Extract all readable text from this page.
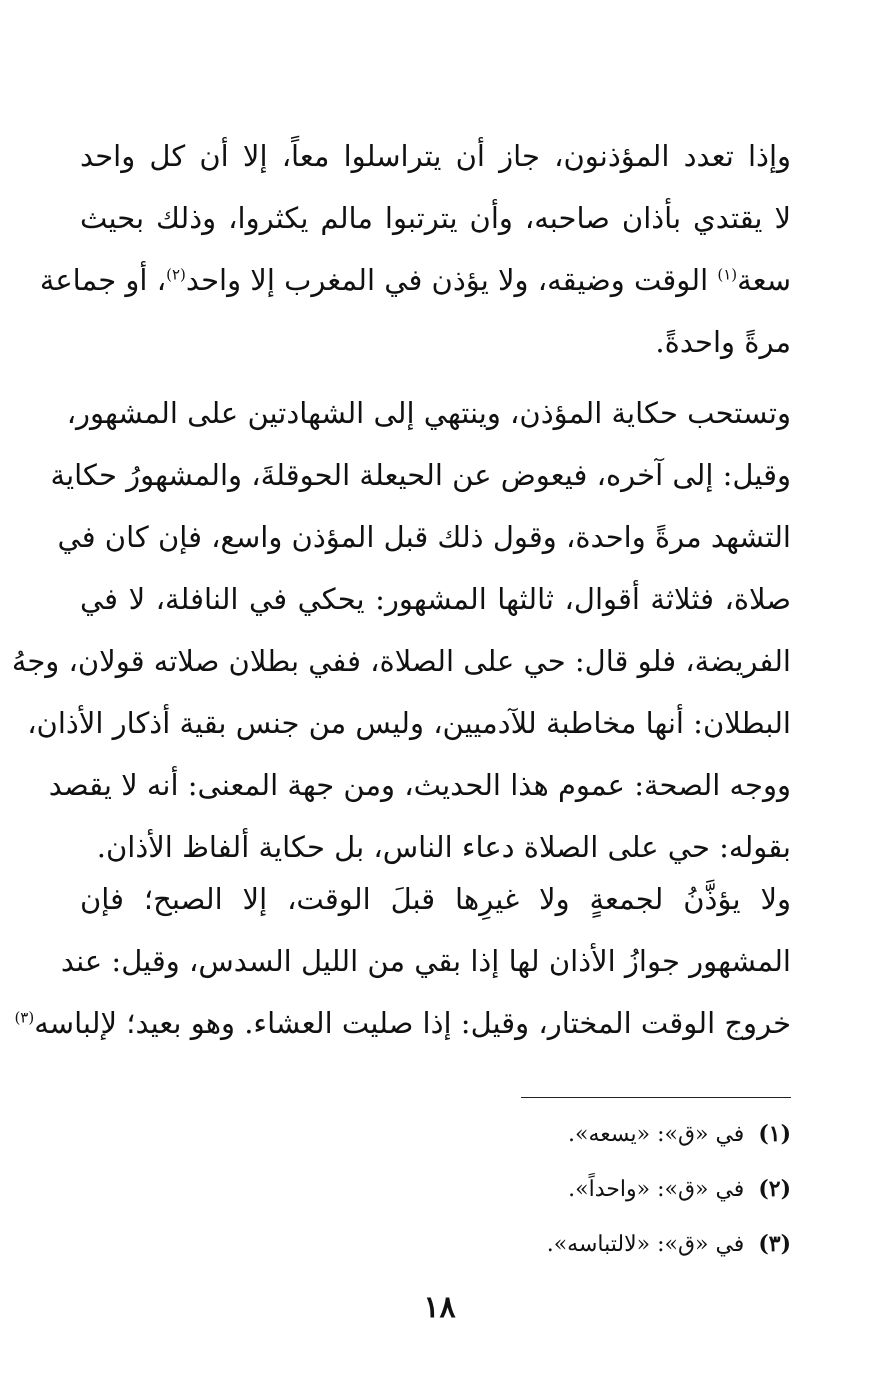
وإذا تعدد المؤذنون، جاز أن يتراسلوا معاً، إلا أن كل واحد
لا يقتدي بأذان صاحبه، وأن يترتبوا مالم يكثروا، وذلك بحيث
سعة$^{(١)}$ الوقت وضيقه، ولا يؤذن في المغرب إلا واحد$^{(٢)}$، أو جماعة
مرةً واحدةً.
وتستحب حكاية المؤذن، وينتهي إلى الشهادتين على المشهور،
وقيل: إلى آخره، فيعوض عن الحيعلة الحوقلةَ، والمشهورُ حكاية
التشهد مرةً واحدة، وقول ذلك قبل المؤذن واسع، فإن كان في
صلاة، فثلاثة أقوال، ثالثها المشهور: يحكي في النافلة، لا في
الفريضة، فلو قال: حي على الصلاة، ففي بطلان صلاته قولان، وجهُ
البطلان: أنها مخاطبة للآدميين، وليس من جنس بقية أذكار الأذان،
ووجه الصحة: عموم هذا الحديث، ومن جهة المعنى: أنه لا يقصد
بقوله: حي على الصلاة دعاء الناس، بل حكاية ألفاظ الأذان.
ولا يؤذَّنُ لجمعةٍ ولا غيرِها قبلَ الوقت، إلا الصبح؛ فإن
المشهور جوازُ الأذان لها إذا بقي من الليل السدس، وقيل: عند
خروج الوقت المختار، وقيل: إذا صليت العشاء. وهو بعيد؛ لإلباسه$^{(٣)}$
(١)في «ق»: «يسعه».
(٢)في «ق»: «واحداً».
(٣)في «ق»: «لالتباسه».
١٨
